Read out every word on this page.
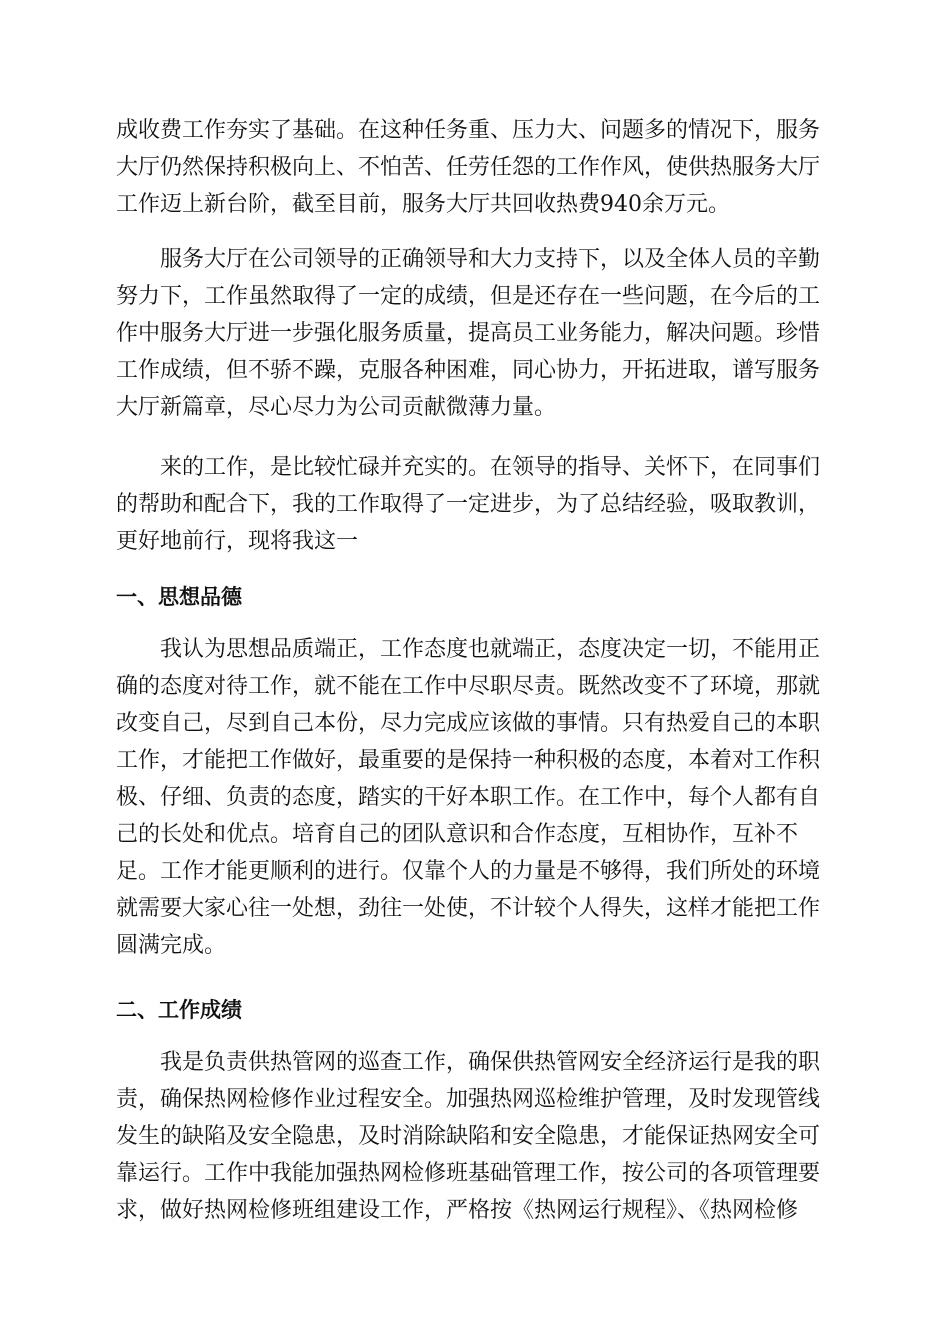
成收费工作夯实了基础。在这种任务重、压力大、问题多的情况下，服务
大厅仍然保持积极向上、不怕苦、任劳任怨的工作作风，使供热服务大厅
工作迈上新台阶，截至目前，服务大厅共回收热费940余万元。
服务大厅在公司领导的正确领导和大力支持下，以及全体人员的辛勤
努力下，工作虽然取得了一定的成绩，但是还存在一些问题，在今后的工
作中服务大厅进一步强化服务质量，提高员工业务能力，解决问题。珍惜
工作成绩，但不骄不躁，克服各种困难，同心协力，开拓进取，谱写服务
大厅新篇章，尽心尽力为公司贡献微薄力量。
来的工作，是比较忙碌并充实的。在领导的指导、关怀下，在同事们
的帮助和配合下，我的工作取得了一定进步，为了总结经验，吸取教训，
更好地前行，现将我这一
一、思想品德
我认为思想品质端正，工作态度也就端正，态度决定一切，不能用正
确的态度对待工作，就不能在工作中尽职尽责。既然改变不了环境，那就
改变自己，尽到自己本份，尽力完成应该做的事情。只有热爱自己的本职
工作，才能把工作做好，最重要的是保持一种积极的态度，本着对工作积
极、仔细、负责的态度，踏实的干好本职工作。在工作中，每个人都有自
己的长处和优点。培育自己的团队意识和合作态度，互相协作，互补不
足。工作才能更顺利的进行。仅靠个人的力量是不够得，我们所处的环境
就需要大家心往一处想，劲往一处使，不计较个人得失，这样才能把工作
圆满完成。
二、工作成绩
我是负责供热管网的巡查工作，确保供热管网安全经济运行是我的职
责，确保热网检修作业过程安全。加强热网巡检维护管理，及时发现管线
发生的缺陷及安全隐患，及时消除缺陷和安全隐患，才能保证热网安全可
靠运行。工作中我能加强热网检修班基础管理工作，按公司的各项管理要
求，做好热网检修班组建设工作，严格按《热网运行规程》、《热网检修
